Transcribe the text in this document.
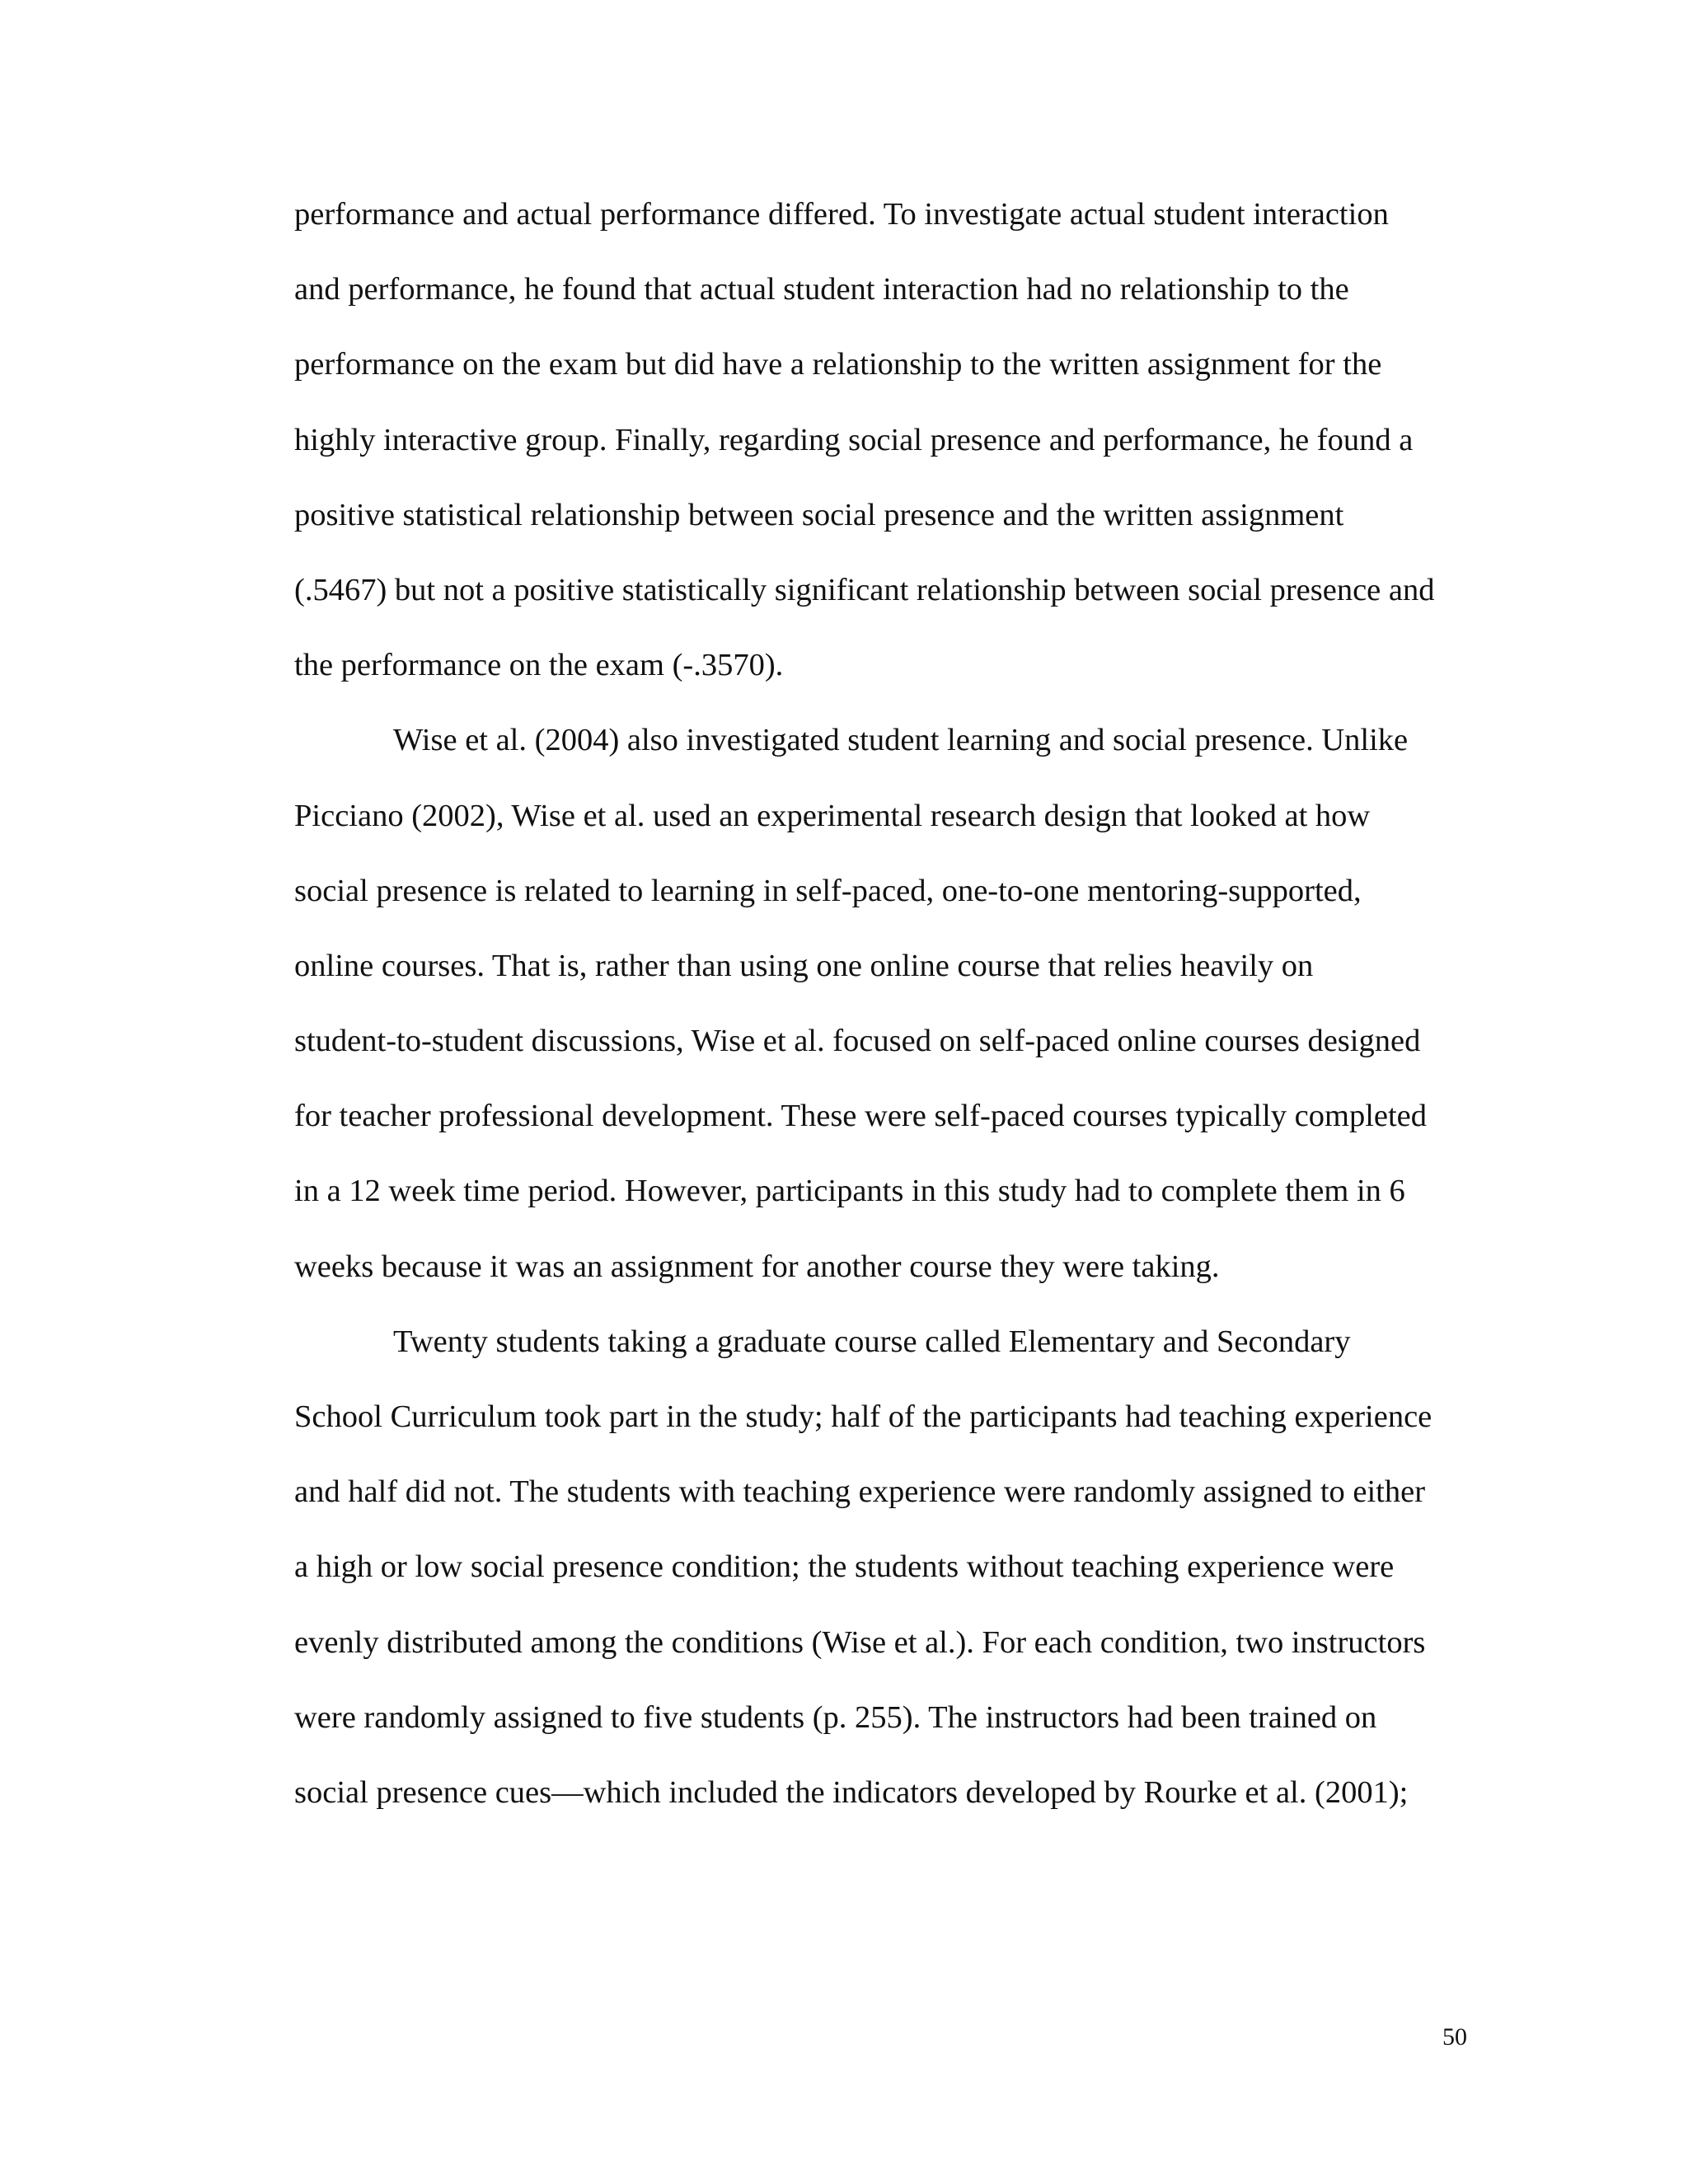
performance and actual performance differed. To investigate actual student interaction
and performance, he found that actual student interaction had no relationship to the
performance on the exam but did have a relationship to the written assignment for the
highly interactive group. Finally, regarding social presence and performance, he found a
positive statistical relationship between social presence and the written assignment
(.5467) but not a positive statistically significant relationship between social presence and
the performance on the exam (-.3570).
Wise et al. (2004) also investigated student learning and social presence. Unlike
Picciano (2002), Wise et al. used an experimental research design that looked at how
social presence is related to learning in self-paced, one-to-one mentoring-supported,
online courses. That is, rather than using one online course that relies heavily on
student-to-student discussions, Wise et al. focused on self-paced online courses designed
for teacher professional development. These were self-paced courses typically completed
in a 12 week time period. However, participants in this study had to complete them in 6
weeks because it was an assignment for another course they were taking.
Twenty students taking a graduate course called Elementary and Secondary
School Curriculum took part in the study; half of the participants had teaching experience
and half did not. The students with teaching experience were randomly assigned to either
a high or low social presence condition; the students without teaching experience were
evenly distributed among the conditions (Wise et al.). For each condition, two instructors
were randomly assigned to five students (p. 255). The instructors had been trained on
social presence cues—which included the indicators developed by Rourke et al. (2001);
50
